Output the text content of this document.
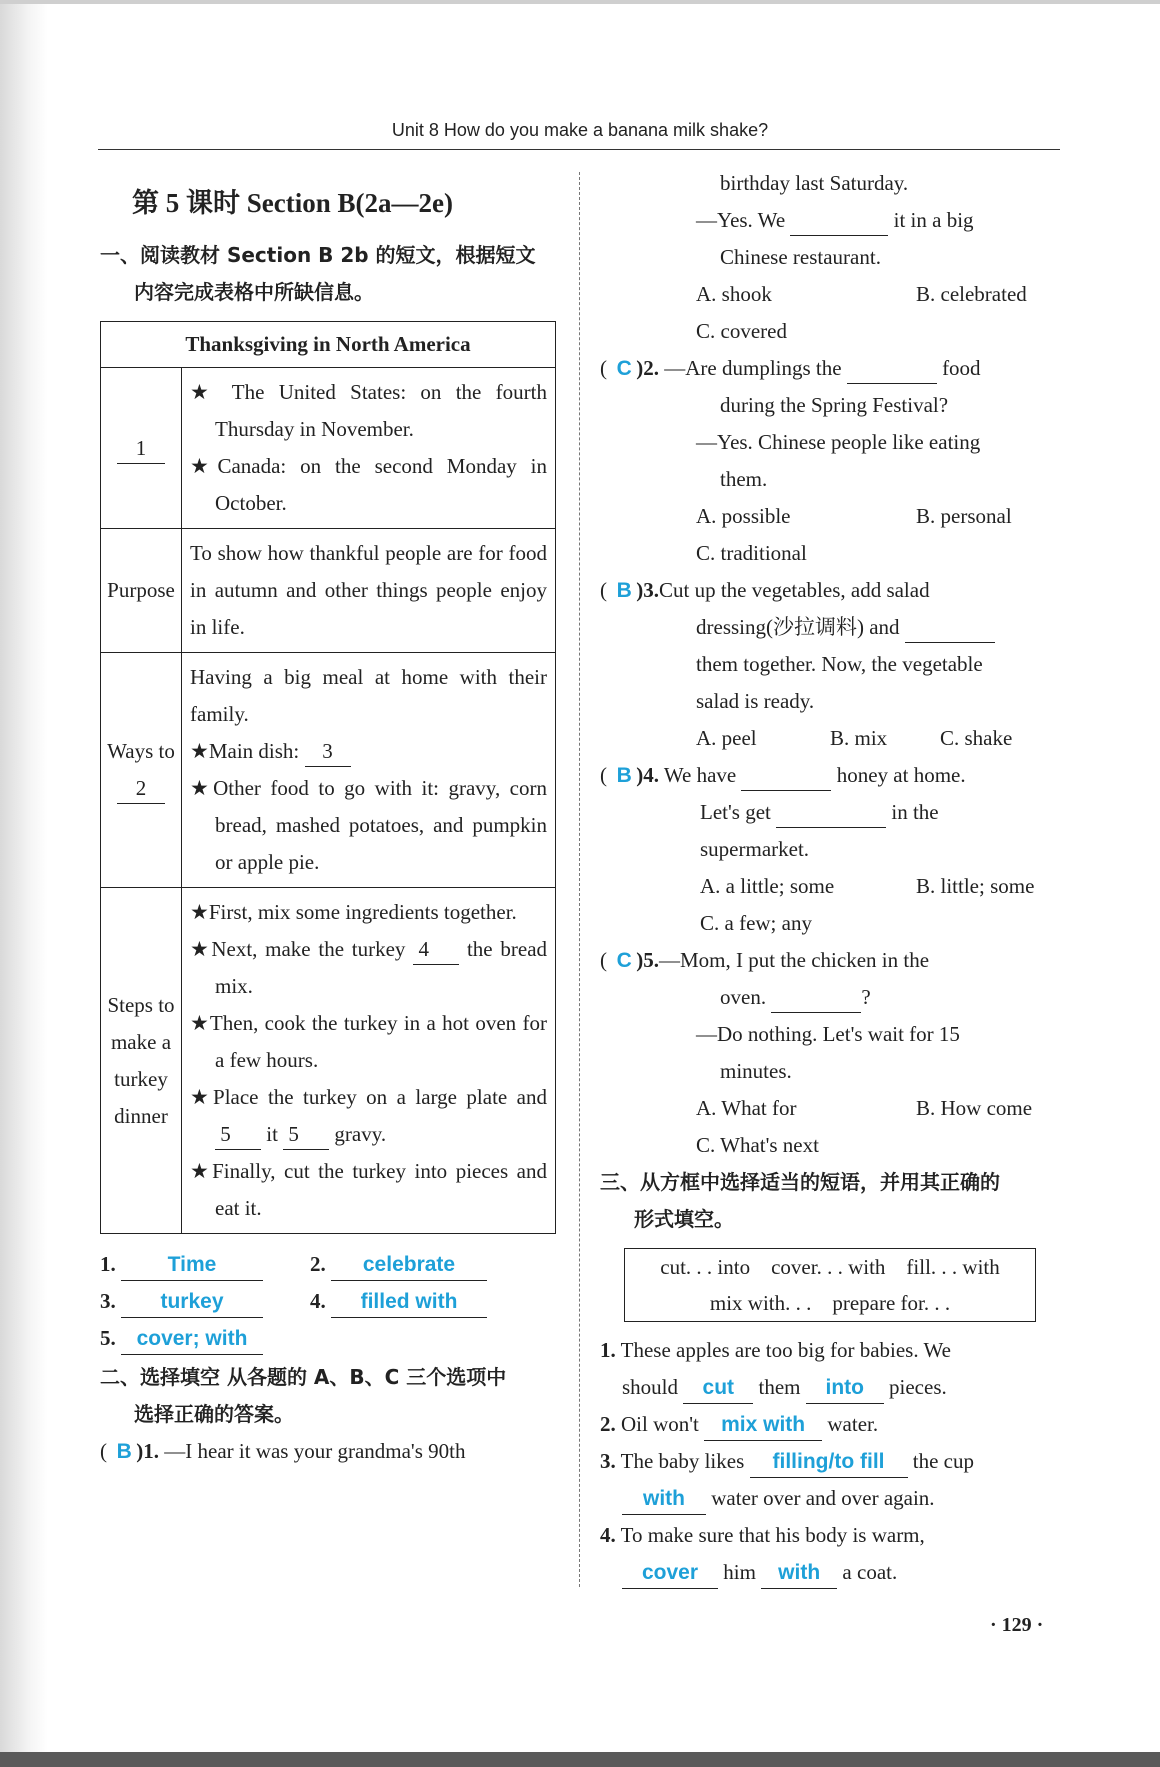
Unit 8 How do you make a banana milk shake?
第 5 课时 Section B(2a—2e)
一、阅读教材 Section B 2b 的短文，根据短文
内容完成表格中所缺信息。
Thanksgiving in North America	
1	★ The United States: on the fourth Thursday in November.
★Canada: on the second Monday in October.

Purpose	To show how thankful people are for food in autumn and other things people enjoy in life.
Ways to
2	Having a big meal at home with their family.
★Main dish: 3
★Other food to go with it: gravy, corn bread, mashed potatoes, and pumpkin or apple pie.

Steps to make a turkey dinner	★First, mix some ingredients together.
★Next, make the turkey 4 the bread mix.
★Then, cook the turkey in a hot oven for a few hours.
★Place the turkey on a large plate and 5 it 5 gravy.
★Finally, cut the turkey into pieces and eat it.
1. Time	2. celebrate
3. turkey	4. filled with
5. cover; with
二、选择填空 从各题的 A、B、C 三个选项中
选择正确的答案。
( B )1. —I hear it was your grandma's 90th
birthday last Saturday.
—Yes. We	it in a big
Chinese restaurant.
A. shook	B. celebrated
C. covered
( C )2. —Are dumplings the	food
during the Spring Festival?
—Yes. Chinese people like eating
them.
A. possible	B. personal
C. traditional
( B )3.Cut up the vegetables, add salad
dressing(沙拉调料) and
them together. Now, the vegetable
salad is ready.
A. peel	B. mix	C. shake
( B )4. We have	honey at home.
Let's get	in the
supermarket.
A. a little; some	B. little; some
C. a few; any
( C )5.—Mom, I put the chicken in the
oven.	?
—Do nothing. Let's wait for 15
minutes.
A. What for	B. How come
C. What's next
三、从方框中选择适当的短语，并用其正确的
形式填空。
cut. . . into    cover. . . with    fill. . . with
mix with. . .    prepare for. . .
1. These apples are too big for babies. We
should cut them into pieces.
2. Oil won't mix with water.
3. The baby likes filling/to fill the cup
with water over and over again.
4. To make sure that his body is warm,
cover him with a coat.
· 129 ·
